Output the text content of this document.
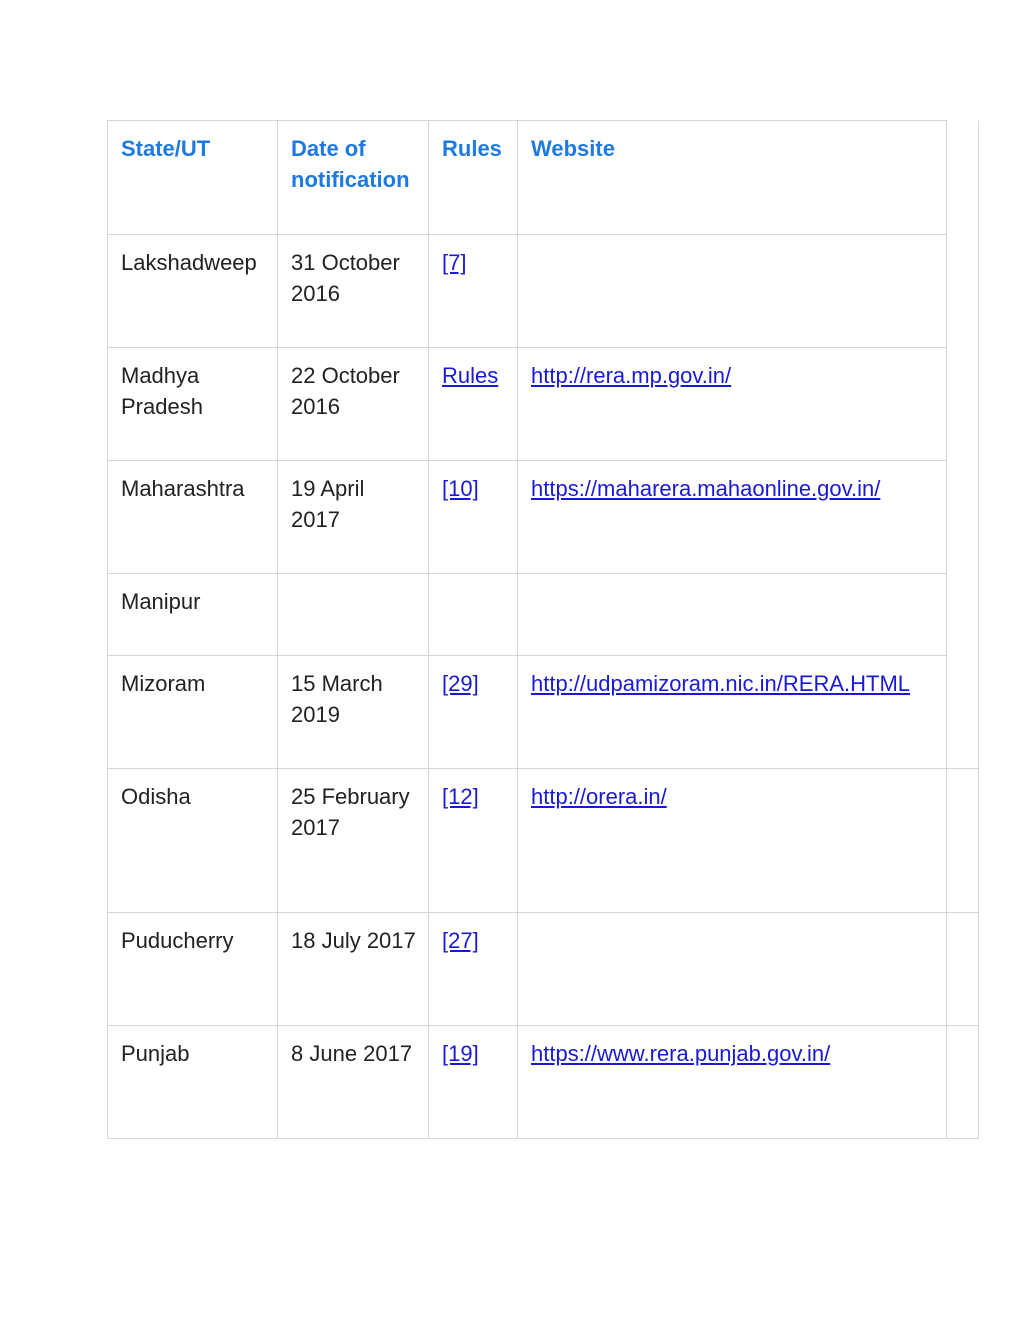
State/UT	Date of notification	Rules	Website	
Lakshadweep	31 October 2016	[7]		
Madhya Pradesh	22 October 2016	Rules	http://rera.mp.gov.in/	
Maharashtra	19 April 2017	[10]	https://maharera.mahaonline.gov.in/	
Manipur				
Mizoram	15 March 2019	[29]	http://udpamizoram.nic.in/RERA.HTML	
Odisha	25 February 2017	[12]	http://orera.in/	
Puducherry	18 July 2017	[27]		
Punjab	8 June 2017	[19]	https://www.rera.punjab.gov.in/	
